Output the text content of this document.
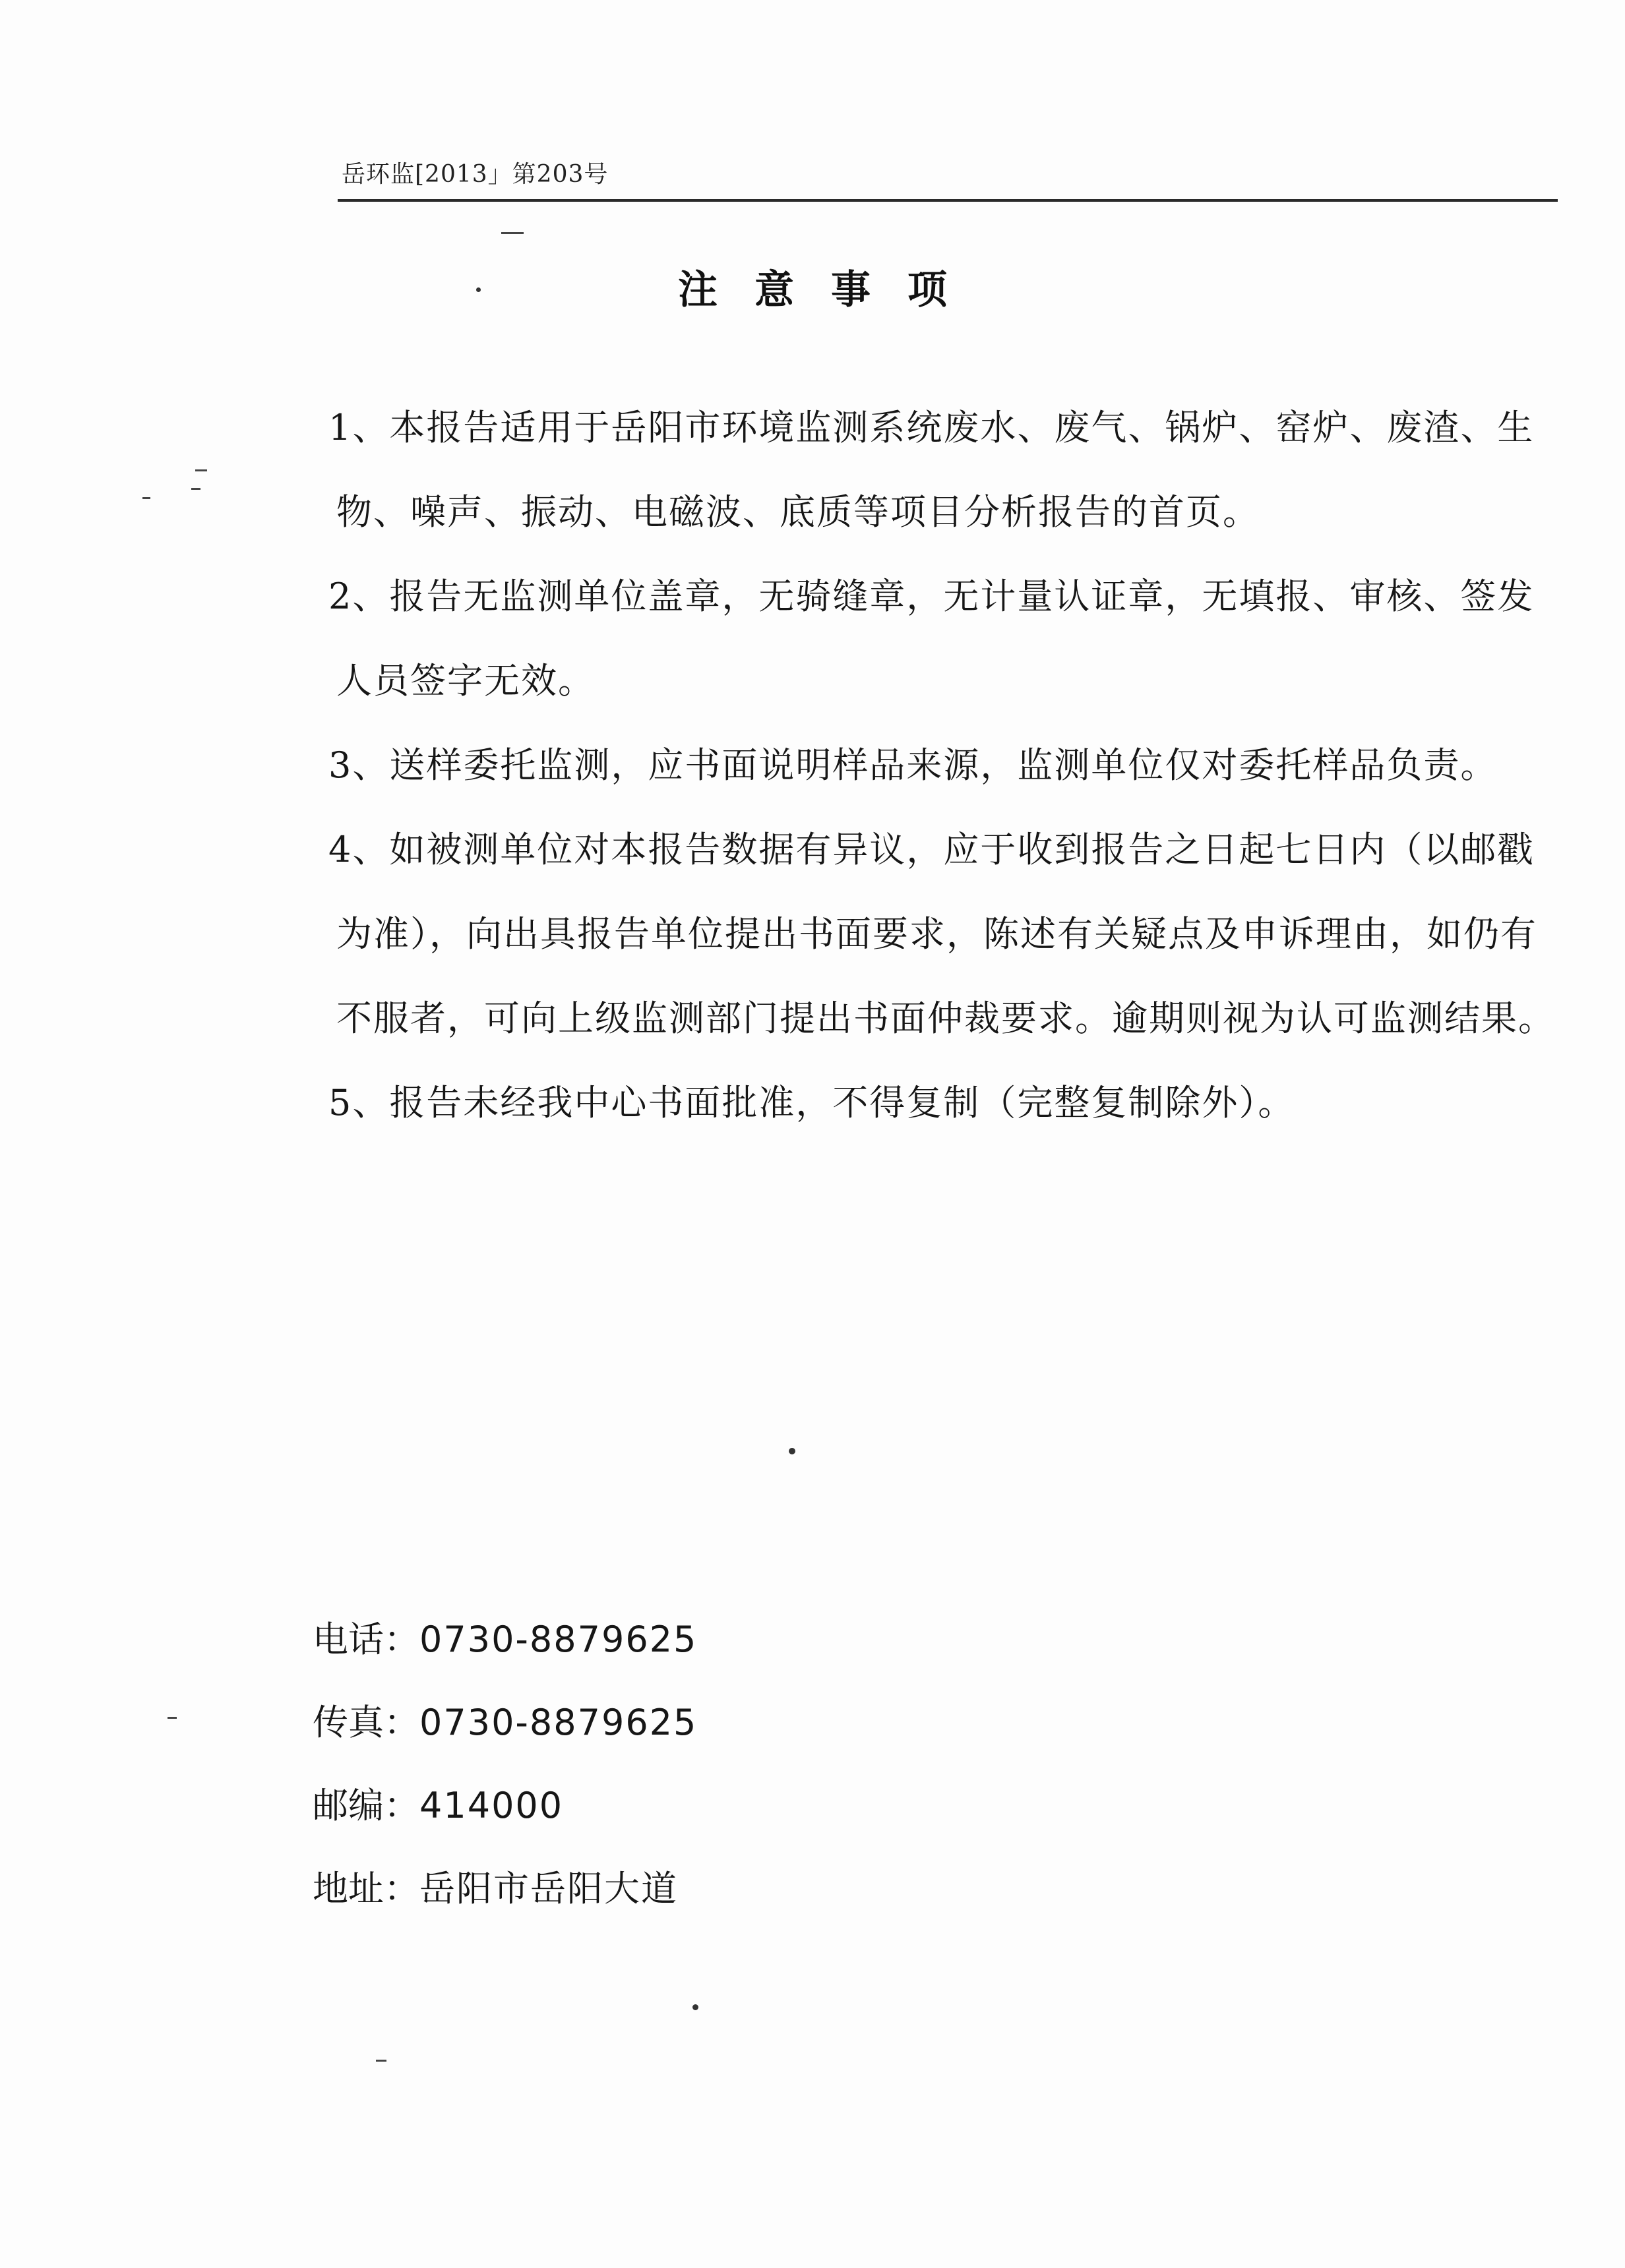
岳环监[2013」第203号
注意事项
1、本报告适用于岳阳市环境监测系统废水、废气、锅炉、窑炉、废渣、生
物、噪声、振动、电磁波、底质等项目分析报告的首页。
2、报告无监测单位盖章，无骑缝章，无计量认证章，无填报、审核、签发
人员签字无效。
3、送样委托监测，应书面说明样品来源，监测单位仅对委托样品负责。
4、如被测单位对本报告数据有异议，应于收到报告之日起七日内（以邮戳
为准），向出具报告单位提出书面要求，陈述有关疑点及申诉理由，如仍有
不服者，可向上级监测部门提出书面仲裁要求。逾期则视为认可监测结果。
5、报告未经我中心书面批准，不得复制（完整复制除外）。
电话：0730-8879625
传真：0730-8879625
邮编：414000
地址：岳阳市岳阳大道
